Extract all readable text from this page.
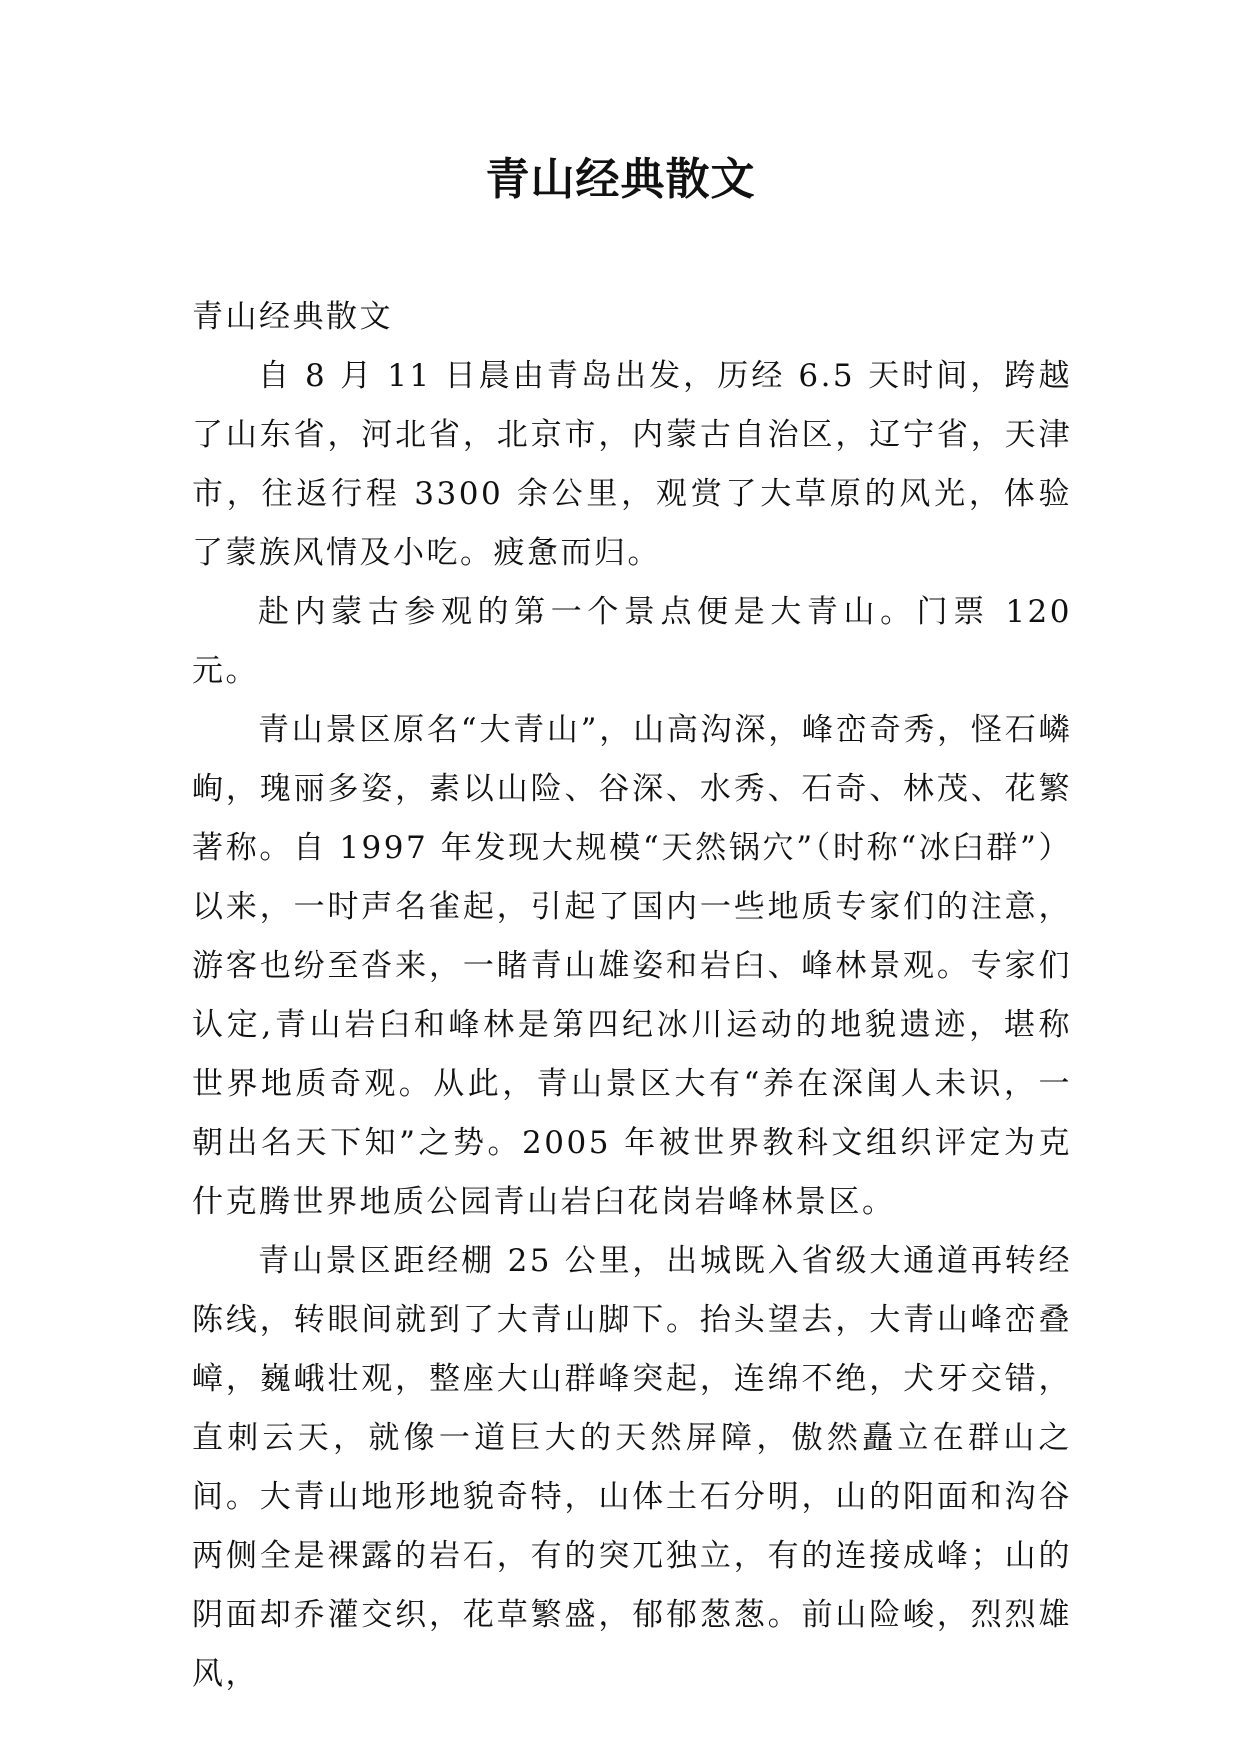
青山经典散文

青山经典散文

自 8 月 11 日晨由青岛出发，历经 6.5 天时间，跨越了山东省，河北省，北京市，内蒙古自治区，辽宁省，天津市，往返行程 3300 余公里，观赏了大草原的风光，体验了蒙族风情及小吃。疲惫而归。

赴内蒙古参观的第一个景点便是大青山。门票 120 元。

青山景区原名“大青山”，山高沟深，峰峦奇秀，怪石嶙峋，瑰丽多姿，素以山险、谷深、水秀、石奇、林茂、花繁著称。自 1997 年发现大规模“天然锅穴”（时称“冰臼群”）以来，一时声名雀起，引起了国内一些地质专家们的注意，游客也纷至沓来，一睹青山雄姿和岩臼、峰林景观。专家们认定,青山岩臼和峰林是第四纪冰川运动的地貌遗迹，堪称世界地质奇观。从此，青山景区大有“养在深闺人未识，一朝出名天下知”之势。2005 年被世界教科文组织评定为克什克腾世界地质公园青山岩臼花岗岩峰林景区。

青山景区距经棚 25 公里，出城既入省级大通道再转经陈线，转眼间就到了大青山脚下。抬头望去，大青山峰峦叠嶂，巍峨壮观，整座大山群峰突起，连绵不绝，犬牙交错，直刺云天，就像一道巨大的天然屏障，傲然矗立在群山之间。大青山地形地貌奇特，山体土石分明，山的阳面和沟谷两侧全是裸露的岩石，有的突兀独立，有的连接成峰；山的阴面却乔灌交织，花草繁盛，郁郁葱葱。前山险峻，烈烈雄风，
